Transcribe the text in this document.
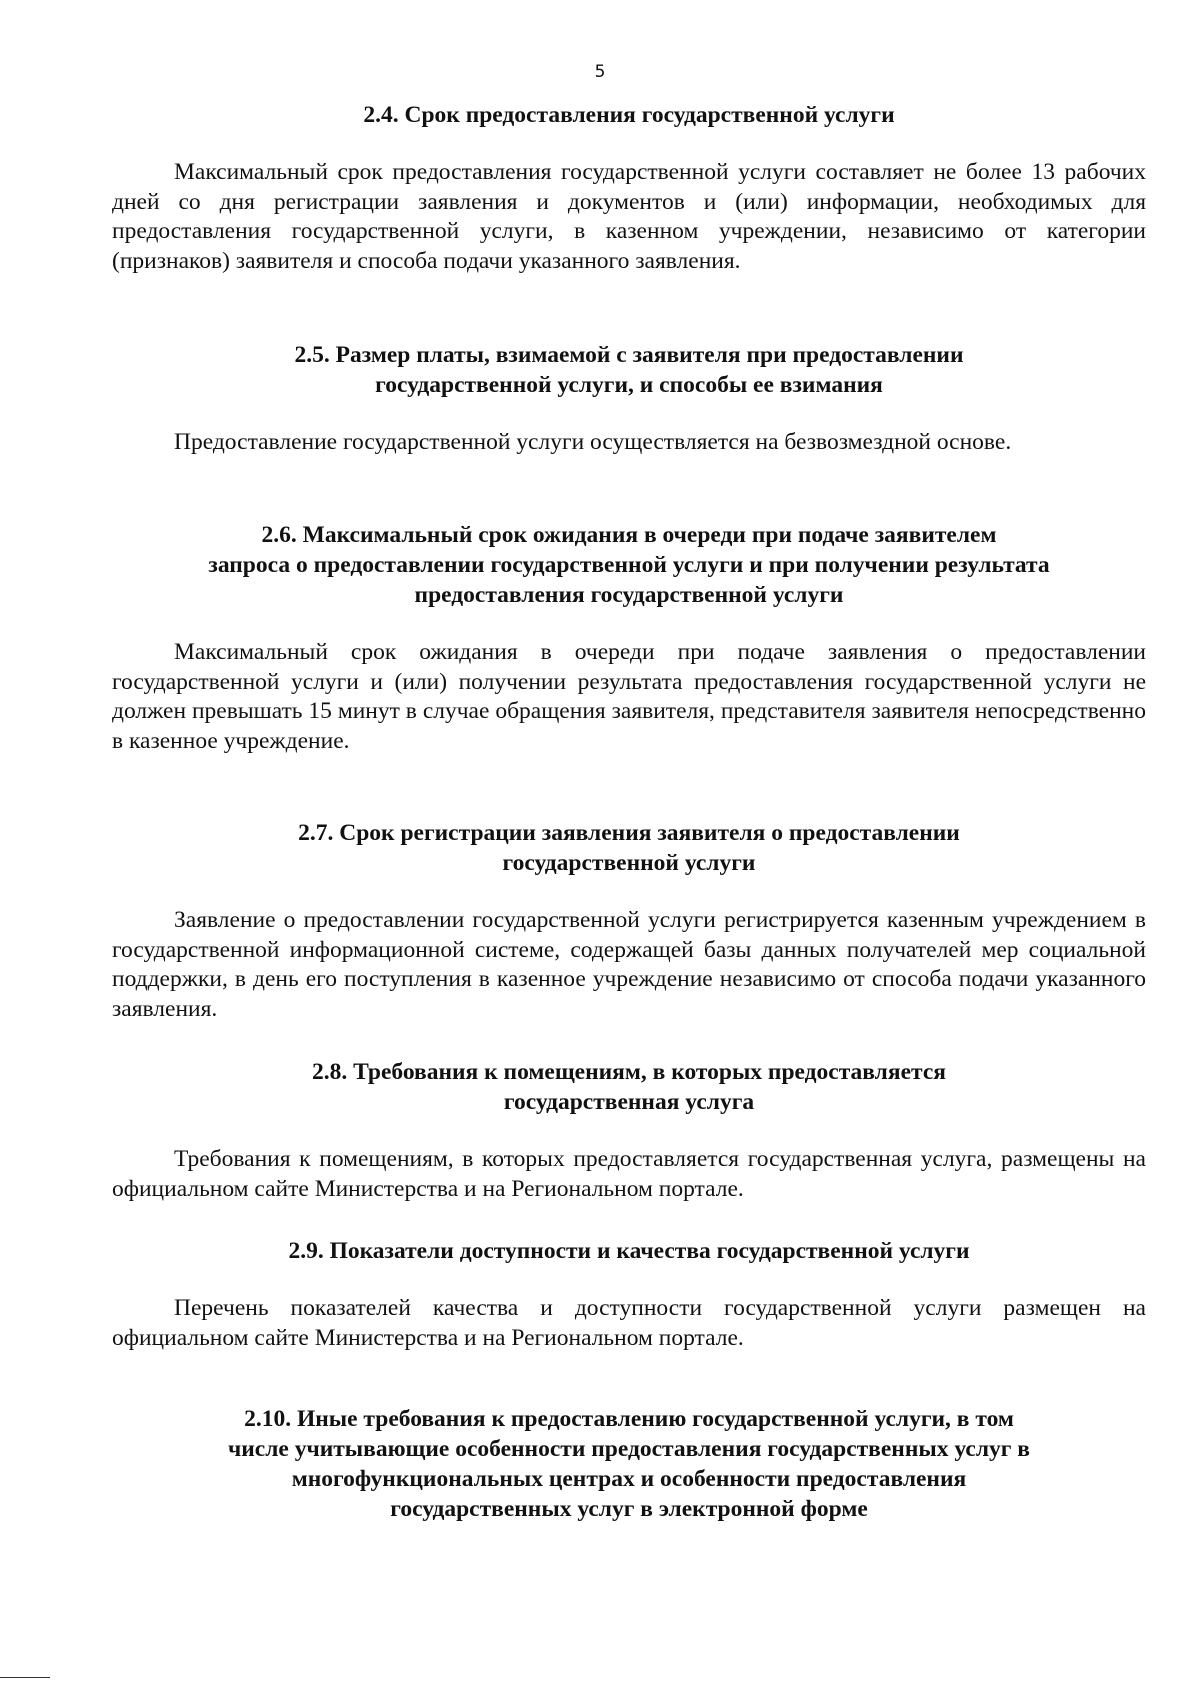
5
2.4. Срок предоставления государственной услуги

Максимальный срок предоставления государственной услуги составляет не более 13 рабочих дней со дня регистрации заявления и документов и (или) информации, необходимых для предоставления государственной услуги, в казенном учреждении, независимо от категории (признаков) заявителя и способа подачи указанного заявления.

2.5. Размер платы, взимаемой с заявителя при предоставлении
государственной услуги, и способы ее взимания

Предоставление государственной услуги осуществляется на безвозмездной основе.

2.6. Максимальный срок ожидания в очереди при подаче заявителем
запроса о предоставлении государственной услуги и при получении результата
предоставления государственной услуги

Максимальный срок ожидания в очереди при подаче заявления о предоставлении государственной услуги и (или) получении результата предоставления государственной услуги не должен превышать 15 минут в случае обращения заявителя, представителя заявителя непосредственно в казенное учреждение.

2.7. Срок регистрации заявления заявителя о предоставлении
государственной услуги

Заявление о предоставлении государственной услуги регистрируется казенным учреждением в государственной информационной системе, содержащей базы данных получателей мер социальной поддержки, в день его поступления в казенное учреждение независимо от способа подачи указанного заявления.

2.8. Требования к помещениям, в которых предоставляется
государственная услуга

Требования к помещениям, в которых предоставляется государственная услуга, размещены на официальном сайте Министерства и на Региональном портале.

2.9. Показатели доступности и качества государственной услуги

Перечень показателей качества и доступности государственной услуги размещен на официальном сайте Министерства и на Региональном портале.

2.10. Иные требования к предоставлению государственной услуги, в том
числе учитывающие особенности предоставления государственных услуг в
многофункциональных центрах и особенности предоставления
государственных услуг в электронной форме
